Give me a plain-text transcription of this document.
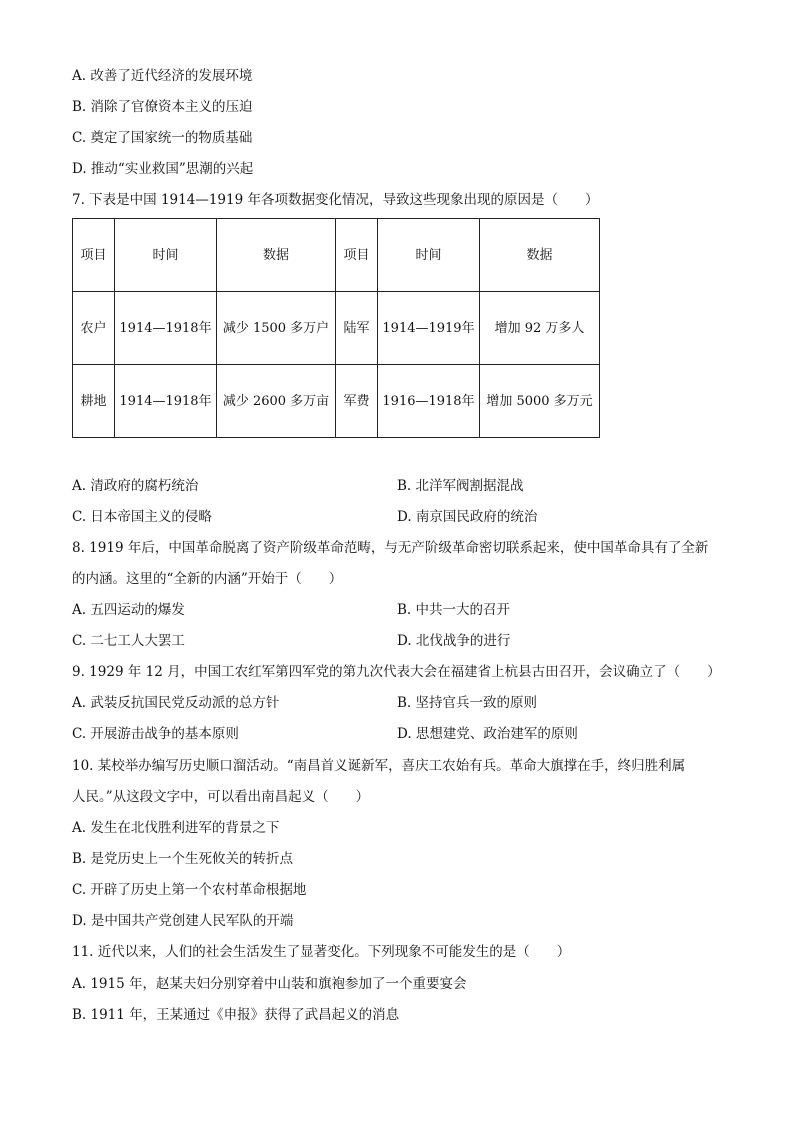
A. 改善了近代经济的发展环境
B. 消除了官僚资本主义的压迫
C. 奠定了国家统一的物质基础
D. 推动“实业救国”思潮的兴起
7. 下表是中国 1914—1919 年各项数据变化情况，导致这些现象出现的原因是（　　）
项目	时间	数据	项目	时间	数据
农户	1914—1918年	减少 1500 多万户	陆军	1914—1919年	增加 92 万多人
耕地	1914—1918年	减少 2600 多万亩	军费	1916—1918年	增加 5000 多万元
A. 清政府的腐朽统治	B. 北洋军阀割据混战
C. 日本帝国主义的侵略	D. 南京国民政府的统治
8. 1919 年后，中国革命脱离了资产阶级革命范畴，与无产阶级革命密切联系起来，使中国革命具有了全新
的内涵。这里的“全新的内涵”开始于（　　）
A. 五四运动的爆发	B. 中共一大的召开
C. 二七工人大罢工	D. 北伐战争的进行
9. 1929 年 12 月，中国工农红军第四军党的第九次代表大会在福建省上杭县古田召开，会议确立了（　　）
A. 武装反抗国民党反动派的总方针	B. 坚持官兵一致的原则
C. 开展游击战争的基本原则	D. 思想建党、政治建军的原则
10. 某校举办编写历史顺口溜活动。“南昌首义诞新军，喜庆工农始有兵。革命大旗撑在手，终归胜利属
人民。”从这段文字中，可以看出南昌起义（　　）
A. 发生在北伐胜利进军的背景之下
B. 是党历史上一个生死攸关的转折点
C. 开辟了历史上第一个农村革命根据地
D. 是中国共产党创建人民军队的开端
11. 近代以来，人们的社会生活发生了显著变化。下列现象不可能发生的是（　　）
A. 1915 年，赵某夫妇分别穿着中山装和旗袍参加了一个重要宴会
B. 1911 年，王某通过《申报》获得了武昌起义的消息
